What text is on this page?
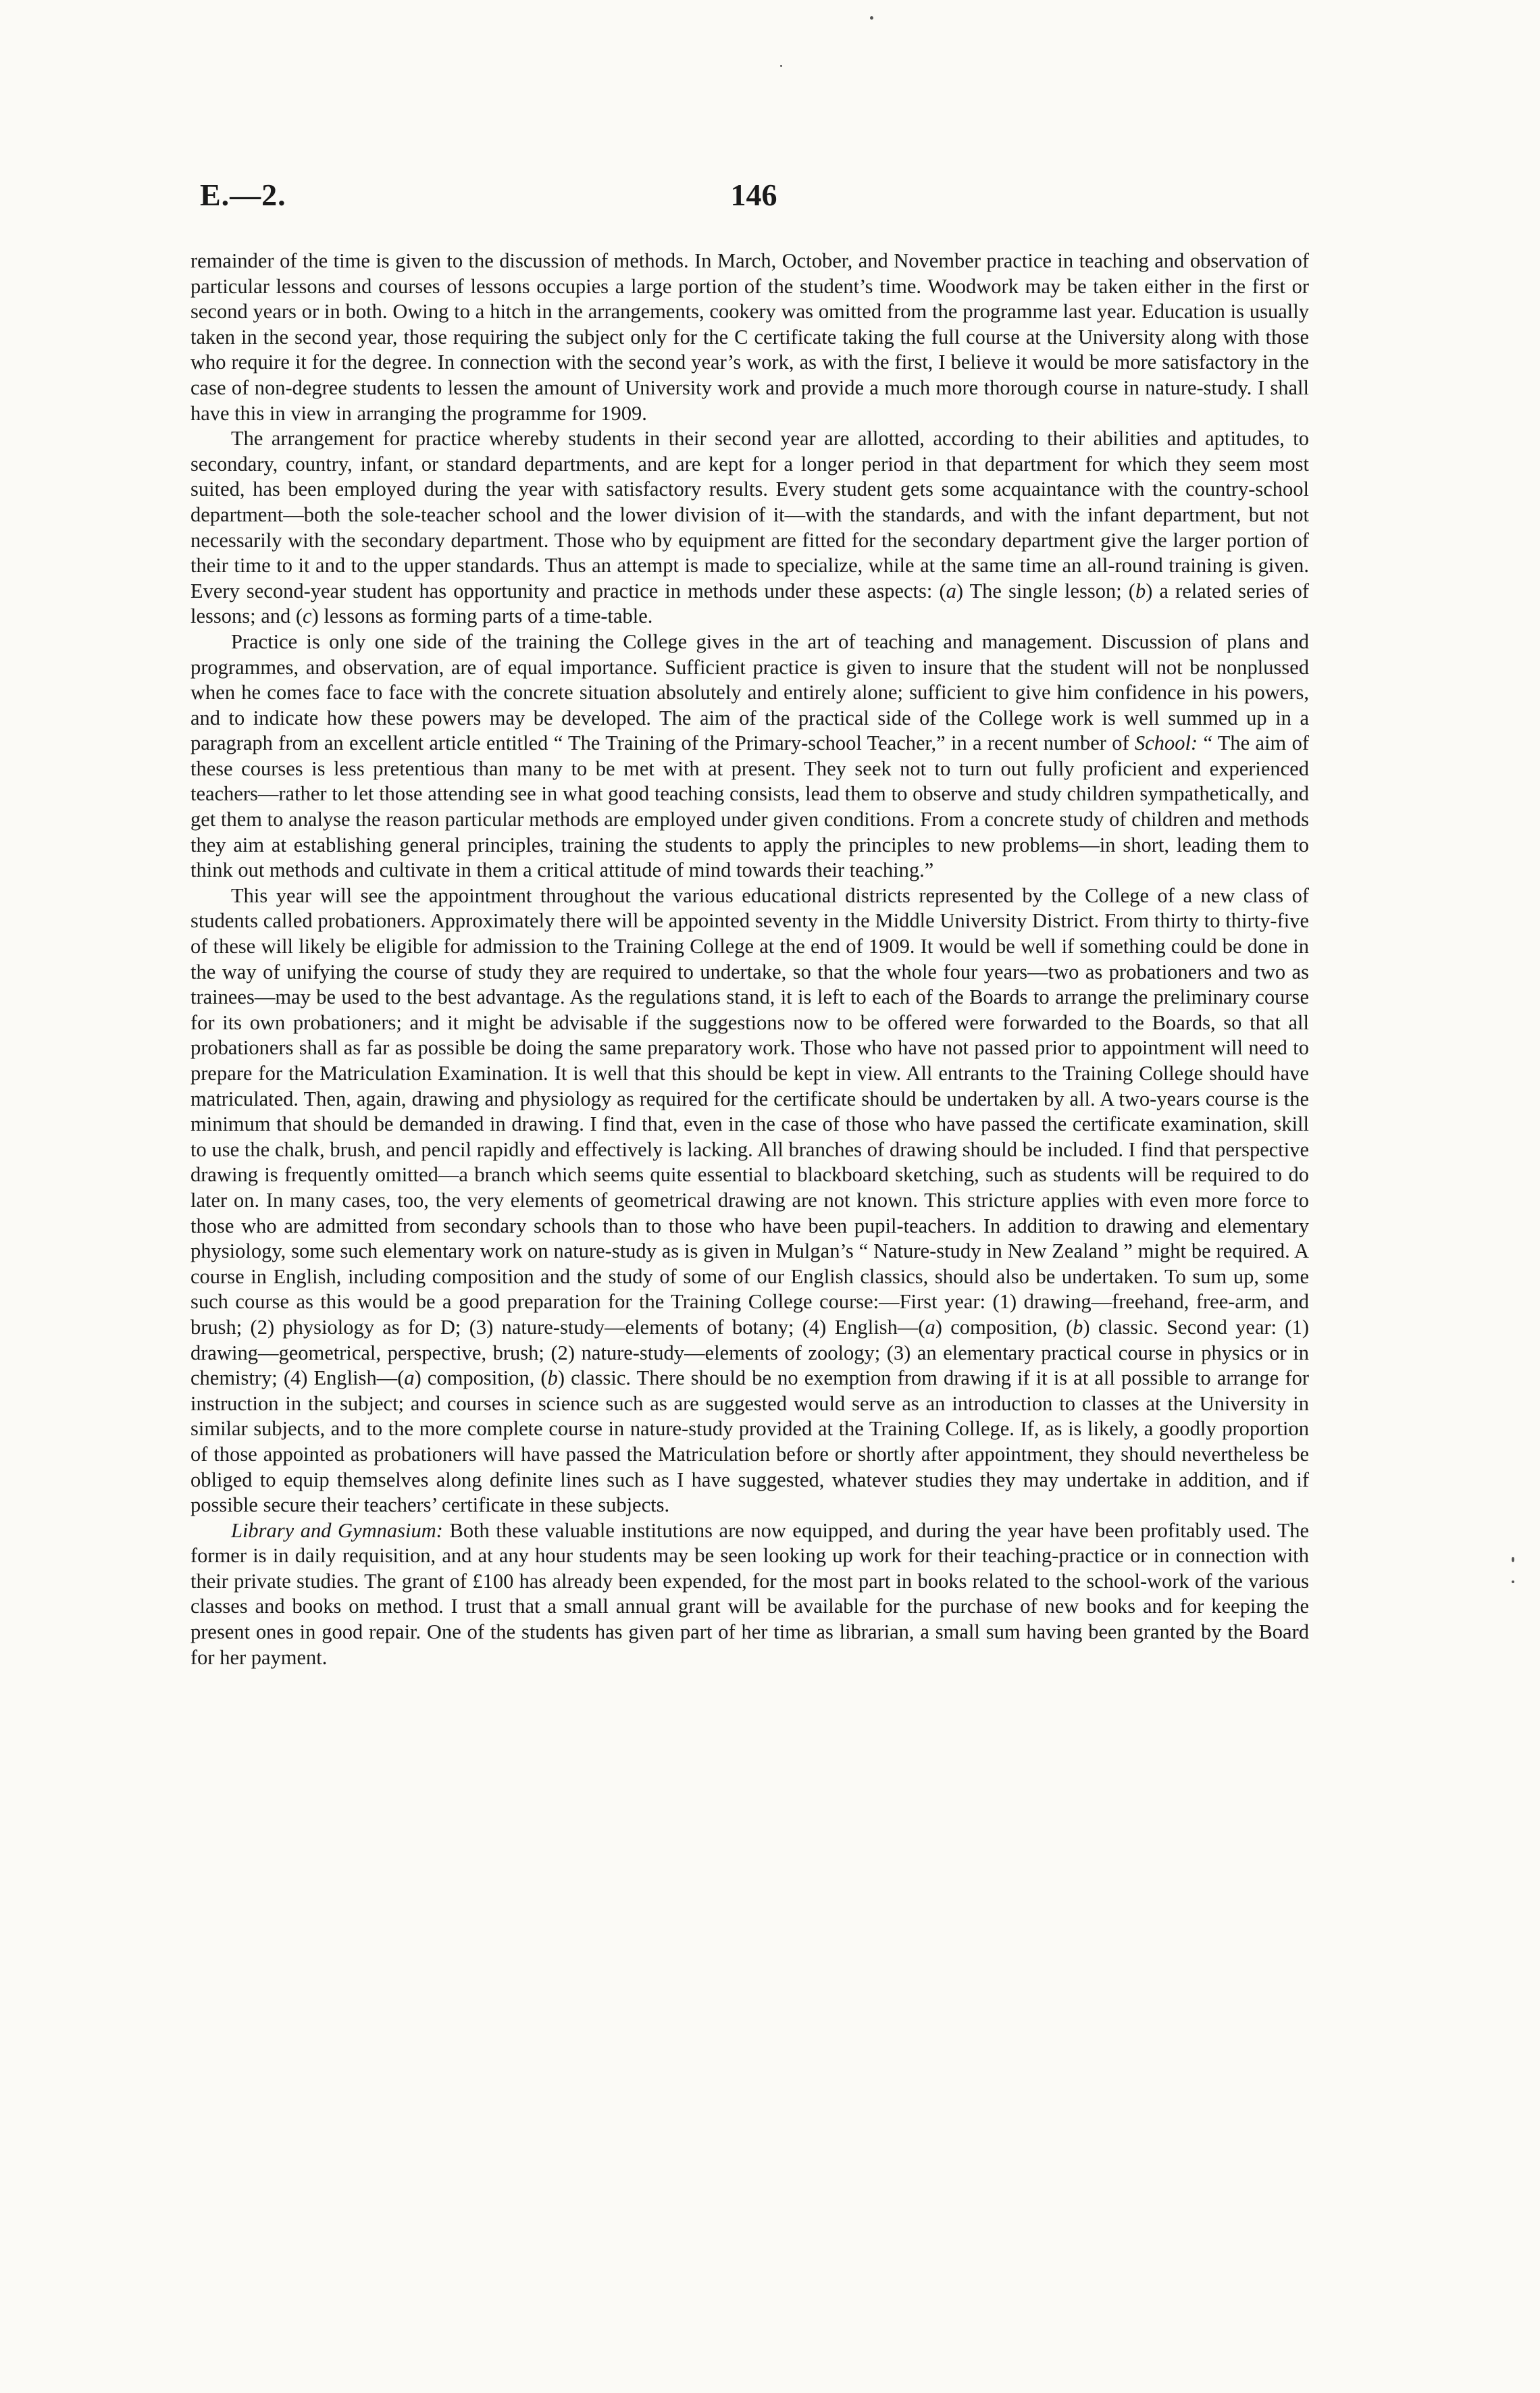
E.—2.	146

remainder of the time is given to the discussion of methods. In March, October, and November practice in teaching and observation of particular lessons and courses of lessons occupies a large portion of the student’s time. Woodwork may be taken either in the first or second years or in both. Owing to a hitch in the arrangements, cookery was omitted from the programme last year. Education is usually taken in the second year, those requiring the subject only for the C certificate taking the full course at the University along with those who require it for the degree. In connection with the second year’s work, as with the first, I believe it would be more satisfactory in the case of non-degree students to lessen the amount of University work and provide a much more thorough course in nature-study. I shall have this in view in arranging the programme for 1909.

The arrangement for practice whereby students in their second year are allotted, according to their abilities and aptitudes, to secondary, country, infant, or standard departments, and are kept for a longer period in that department for which they seem most suited, has been employed during the year with satisfactory results. Every student gets some acquaintance with the country-school department—both the sole-teacher school and the lower division of it—with the standards, and with the infant department, but not necessarily with the secondary department. Those who by equipment are fitted for the secondary department give the larger portion of their time to it and to the upper standards. Thus an attempt is made to specialize, while at the same time an all-round training is given. Every second-year student has opportunity and practice in methods under these aspects: (a) The single lesson; (b) a related series of lessons; and (c) lessons as forming parts of a time-table.

Practice is only one side of the training the College gives in the art of teaching and management. Discussion of plans and programmes, and observation, are of equal importance. Sufficient practice is given to insure that the student will not be nonplussed when he comes face to face with the concrete situation absolutely and entirely alone; sufficient to give him confidence in his powers, and to indicate how these powers may be developed. The aim of the practical side of the College work is well summed up in a paragraph from an excellent article entitled “ The Training of the Primary-school Teacher,” in a recent number of School: “ The aim of these courses is less pretentious than many to be met with at present. They seek not to turn out fully proficient and experienced teachers—rather to let those attending see in what good teaching consists, lead them to observe and study children sympathetically, and get them to analyse the reason particular methods are employed under given conditions. From a concrete study of children and methods they aim at establishing general principles, training the students to apply the principles to new problems—in short, leading them to think out methods and cultivate in them a critical attitude of mind towards their teaching.”

This year will see the appointment throughout the various educational districts represented by the College of a new class of students called probationers. Approximately there will be appointed seventy in the Middle University District. From thirty to thirty-five of these will likely be eligible for admission to the Training College at the end of 1909. It would be well if something could be done in the way of unifying the course of study they are required to undertake, so that the whole four years—two as probationers and two as trainees—may be used to the best advantage. As the regulations stand, it is left to each of the Boards to arrange the preliminary course for its own probationers; and it might be advisable if the suggestions now to be offered were forwarded to the Boards, so that all probationers shall as far as possible be doing the same preparatory work. Those who have not passed prior to appointment will need to prepare for the Matriculation Examination. It is well that this should be kept in view. All entrants to the Training College should have matriculated. Then, again, drawing and physiology as required for the certificate should be undertaken by all. A two-years course is the minimum that should be demanded in drawing. I find that, even in the case of those who have passed the certificate examination, skill to use the chalk, brush, and pencil rapidly and effectively is lacking. All branches of drawing should be included. I find that perspective drawing is frequently omitted—a branch which seems quite essential to blackboard sketching, such as students will be required to do later on. In many cases, too, the very elements of geometrical drawing are not known. This stricture applies with even more force to those who are admitted from secondary schools than to those who have been pupil-teachers. In addition to drawing and elementary physiology, some such elementary work on nature-study as is given in Mulgan’s “ Nature-study in New Zealand ” might be required. A course in English, including composition and the study of some of our English classics, should also be undertaken. To sum up, some such course as this would be a good preparation for the Training College course:—First year: (1) drawing—freehand, free-arm, and brush; (2) physiology as for D; (3) nature-study—elements of botany; (4) English—(a) composition, (b) classic. Second year: (1) drawing—geometrical, perspective, brush; (2) nature-study—elements of zoology; (3) an elementary practical course in physics or in chemistry; (4) English—(a) composition, (b) classic. There should be no exemption from drawing if it is at all possible to arrange for instruction in the subject; and courses in science such as are suggested would serve as an introduction to classes at the University in similar subjects, and to the more complete course in nature-study provided at the Training College. If, as is likely, a goodly proportion of those appointed as probationers will have passed the Matriculation before or shortly after appointment, they should nevertheless be obliged to equip themselves along definite lines such as I have suggested, whatever studies they may undertake in addition, and if possible secure their teachers’ certificate in these subjects.

Library and Gymnasium: Both these valuable institutions are now equipped, and during the year have been profitably used. The former is in daily requisition, and at any hour students may be seen looking up work for their teaching-practice or in connection with their private studies. The grant of £100 has already been expended, for the most part in books related to the school-work of the various classes and books on method. I trust that a small annual grant will be available for the purchase of new books and for keeping the present ones in good repair. One of the students has given part of her time as librarian, a small sum having been granted by the Board for her payment.
